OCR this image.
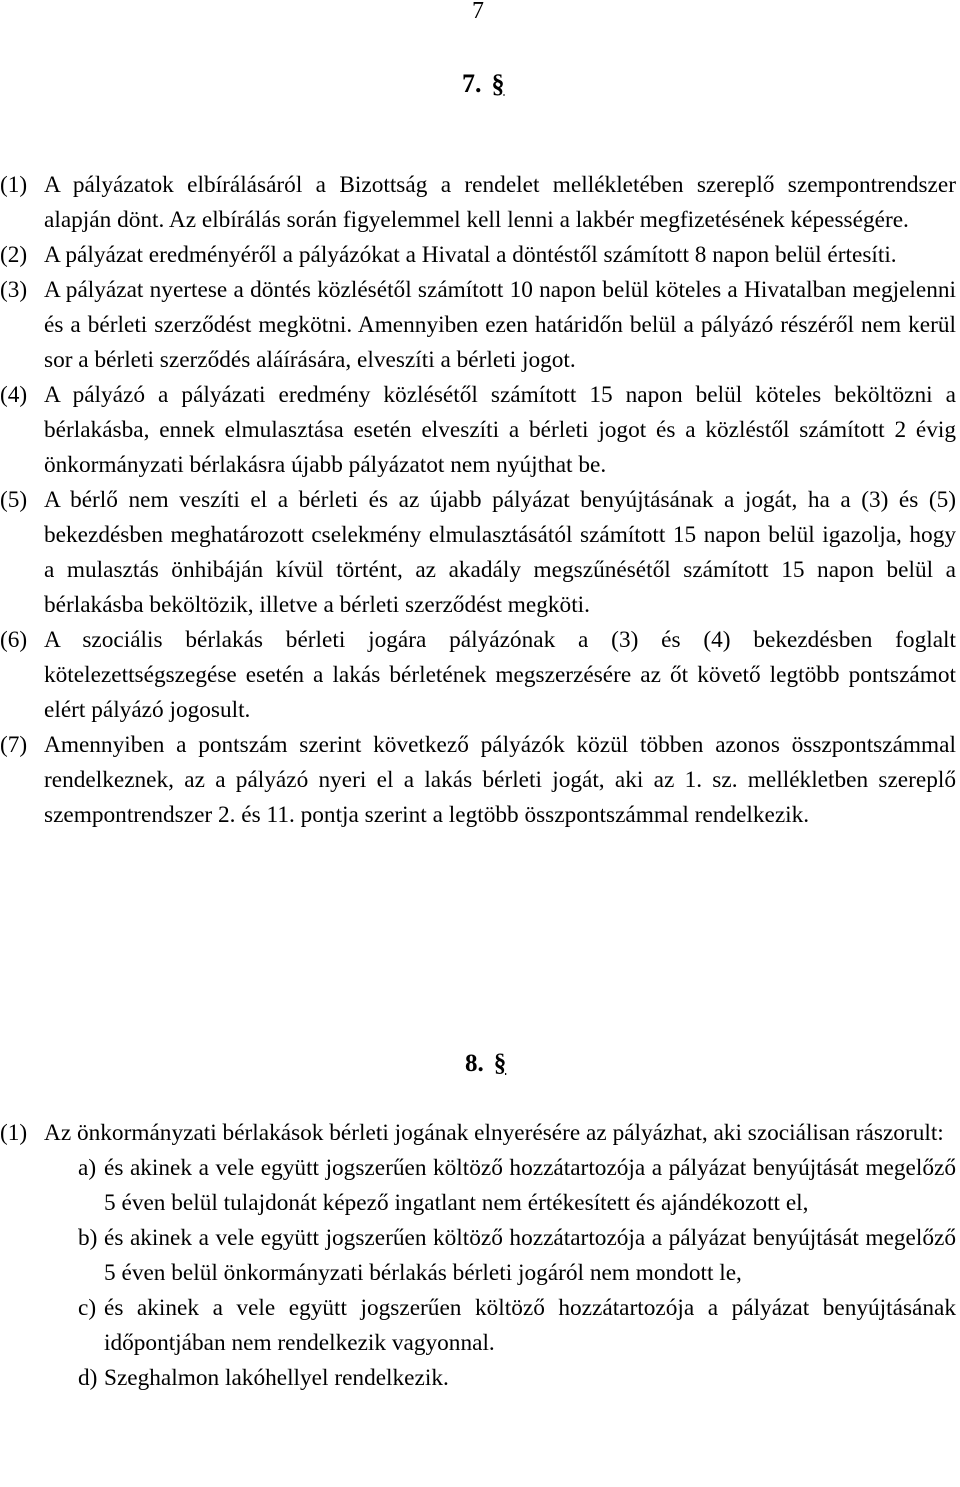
7
7. §
(1) A pályázatok elbírálásáról a Bizottság a rendelet mellékletében szereplő szempontrendszer alapján dönt. Az elbírálás során figyelemmel kell lenni a lakbér megfizetésének képességére.
(2) A pályázat eredményéről a pályázókat a Hivatal a döntéstől számított 8 napon belül értesíti.
(3) A pályázat nyertese a döntés közlésétől számított 10 napon belül köteles a Hivatalban megjelenni és a bérleti szerződést megkötni. Amennyiben ezen határidőn belül a pályázó részéről nem kerül sor a bérleti szerződés aláírására, elveszíti a bérleti jogot.
(4) A pályázó a pályázati eredmény közlésétől számított 15 napon belül köteles beköltözni a bérlakásba, ennek elmulasztása esetén elveszíti a bérleti jogot és a közléstől számított 2 évig önkormányzati bérlakásra újabb pályázatot nem nyújthat be.
(5) A bérlő nem veszíti el a bérleti és az újabb pályázat benyújtásának a jogát, ha a (3) és (5) bekezdésben meghatározott cselekmény elmulasztásától számított 15 napon belül igazolja, hogy a mulasztás önhibáján kívül történt, az akadály megszűnésétől számított 15 napon belül a bérlakásba beköltözik, illetve a bérleti szerződést megköti.
(6) A szociális bérlakás bérleti jogára pályázónak a (3) és (4) bekezdésben foglalt kötelezettségszegése esetén a lakás bérletének megszerzésére az őt követő legtöbb pontszámot elért pályázó jogosult.
(7) Amennyiben a pontszám szerint következő pályázók közül többen azonos összpontszámmal rendelkeznek, az a pályázó nyeri el a lakás bérleti jogát, aki az 1. sz. mellékletben szereplő szempontrendszer 2. és 11. pontja szerint a legtöbb összpontszámmal rendelkezik.
8. §
(1) Az önkormányzati bérlakások bérleti jogának elnyerésére az pályázhat, aki szociálisan rászorult:
a) és akinek a vele együtt jogszerűen költöző hozzátartozója a pályázat benyújtását megelőző 5 éven belül tulajdonát képező ingatlant nem értékesített és ajándékozott el,
b) és akinek a vele együtt jogszerűen költöző hozzátartozója a pályázat benyújtását megelőző 5 éven belül önkormányzati bérlakás bérleti jogáról nem mondott le,
c) és akinek a vele együtt jogszerűen költöző hozzátartozója a pályázat benyújtásának időpontjában nem rendelkezik vagyonnal.
d) Szeghalmon lakóhellyel rendelkezik.
